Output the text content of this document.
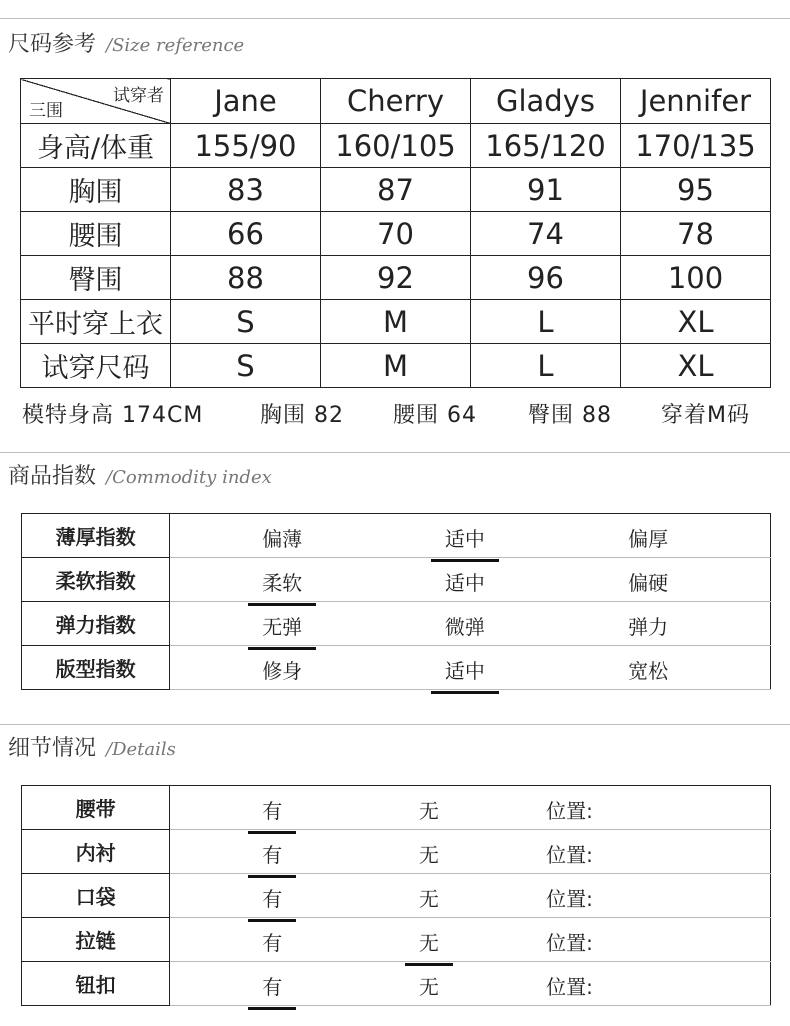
尺码参考 /Size reference
试穿者
三围	Jane	Cherry	Gladys	Jennifer
身高/体重	155/90	160/105	165/120	170/135
胸围	83	87	91	95
腰围	66	70	74	78
臀围	88	92	96	100
平时穿上衣	S	M	L	XL
试穿尺码	S	M	L	XL
模特身高 174CM	胸围 82 腰围 64 臀围 88 穿着M码
商品指数 /Commodity index
薄厚指数	偏薄	适中	偏厚

柔软指数	柔软	适中	偏硬

弹力指数	无弹	微弹	弹力

版型指数	修身	适中	宽松
细节情况 /Details
腰带	有	无	位置:

内衬	有	无	位置:

口袋	有	无	位置:

拉链	有	无	位置:

钮扣	有	无	位置:
